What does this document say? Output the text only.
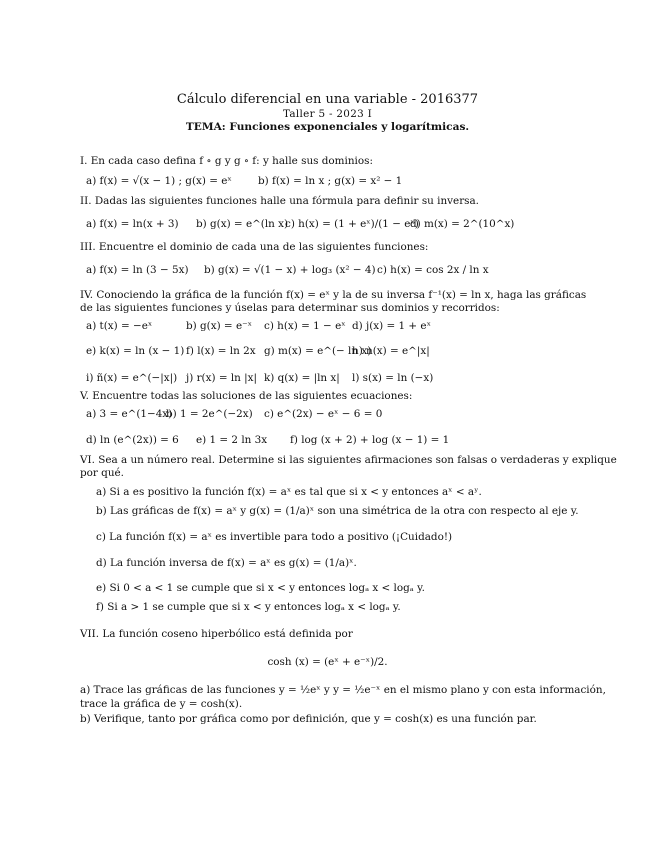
Cálculo diferencial en una variable - 2016377
Taller 5 - 2023 I
TEMA: Funciones exponenciales y logarítmicas.
I. En cada caso defina f ∘ g y g ∘ f: y halle sus dominios:
a) f(x) = √(x − 1) ; g(x) = eˣ	b) f(x) = ln x ; g(x) = x² − 1
II. Dadas las siguientes funciones halle una fórmula para definir su inversa.
a) f(x) = ln(x + 3) b) g(x) = e^(ln x)
c) h(x) = (1 + eˣ)/(1 − eˣ)
d) m(x) = 2^(10^x)
III. Encuentre el dominio de cada una de las siguientes funciones:
a) f(x) = ln (3 − 5x) b) g(x) = √(1 − x) + log₃ (x² − 4) c) h(x) = cos 2x / ln x
IV. Conociendo la gráfica de la función f(x) = eˣ y la de su inversa f⁻¹(x) = ln x, haga las gráficas
de las siguientes funciones y úselas para determinar sus dominios y recorridos:
a) t(x) = −eˣ	b) g(x) = e⁻ˣ c) h(x) = 1 − eˣ d) j(x) = 1 + eˣ
e) k(x) = ln (x − 1) f) l(x) = ln 2x g) m(x) = e^(− ln x)
h) n(x) = e^|x|
i) ñ(x) = e^(−|x|) j) r(x) = ln |x| k) q(x) = |ln x| l) s(x) = ln (−x)
V. Encuentre todas las soluciones de las siguientes ecuaciones:
a) 3 = e^(1−4x)
b) 1 = 2e^(−2x) c) e^(2x) − eˣ − 6 = 0
d) ln (e^(2x)) = 6 e) 1 = 2 ln 3x f) log (x + 2) + log (x − 1) = 1
VI. Sea a un número real. Determine si las siguientes afirmaciones son falsas o verdaderas y explique
por qué.
a) Si a es positivo la función f(x) = aˣ es tal que si x < y entonces aˣ < aʸ.
b) Las gráficas de f(x) = aˣ y g(x) = (1/a)ˣ son una simétrica de la otra con respecto al eje y.
c) La función f(x) = aˣ es invertible para todo a positivo (¡Cuidado!)
d) La función inversa de f(x) = aˣ es g(x) = (1/a)ˣ.
e) Si 0 < a < 1 se cumple que si x < y entonces logₐ x < logₐ y.
f) Si a > 1 se cumple que si x < y entonces logₐ x < logₐ y.
VII. La función coseno hiperbólico está definida por
cosh (x) = (eˣ + e⁻ˣ)/2.
a) Trace las gráficas de las funciones y = ½eˣ y y = ½e⁻ˣ en el mismo plano y con esta información,
trace la gráfica de y = cosh(x).
b) Verifique, tanto por gráfica como por definición, que y = cosh(x) es una función par.
